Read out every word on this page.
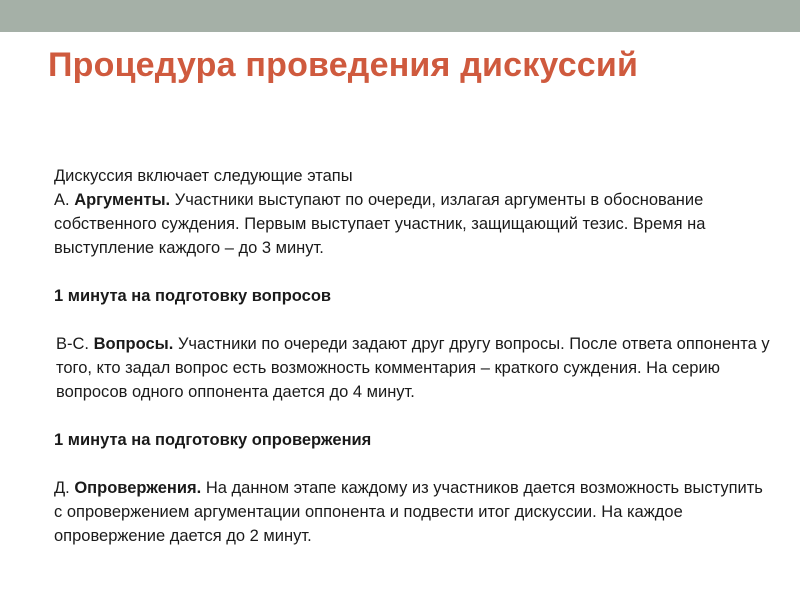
Процедура проведения дискуссий

Дискуссия включает следующие этапы

А. Аргументы. Участники выступают по очереди, излагая аргументы в обоснование собственного суждения. Первым выступает участник, защищающий тезис. Время на выступление каждого – до 3 минут.

1 минута на подготовку вопросов

В-С. Вопросы. Участники по очереди задают друг другу вопросы. После ответа оппонента у того, кто задал вопрос есть возможность комментария – краткого суждения. На серию вопросов одного оппонента дается до 4 минут.

1 минута на подготовку опровержения

Д. Опровержения. На данном этапе каждому из участников дается возможность выступить с опровержением аргументации оппонента и подвести итог дискуссии. На каждое опровержение дается до 2 минут.
